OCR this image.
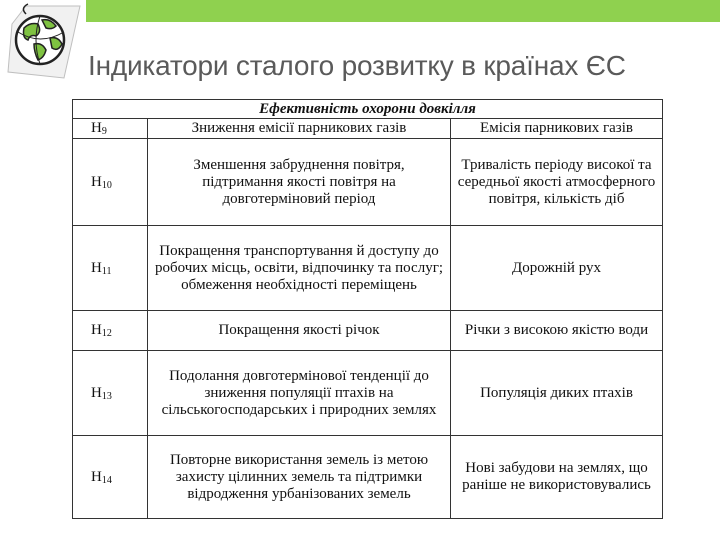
Індикатори сталого розвитку в країнах ЄС
Ефективність охорони довкілля		
$Н_9$	Зниження емісії парникових газів	Емісія парникових газів
$Н_{10}$	Зменшення забруднення повітря, підтримання якості повітря на довготерміновий період	Тривалість періоду високої та середньої якості атмосферного повітря, кількість діб
$Н_{11}$	Покращення транспортування й доступу до робочих місць, освіти, відпочинку та послуг; обмеження необхідності переміщень	Дорожній рух
$Н_{12}$	Покращення якості річок	Річки з високою якістю води
$Н_{13}$	Подолання довготермінової тенденції до зниження популяції птахів на сільськогосподарських і природних землях	Популяція диких птахів
$Н_{14}$	Повторне використання земель із метою захисту цілинних земель та підтримки відродження урбанізованих земель	Нові забудови на землях, що раніше не використовувались
